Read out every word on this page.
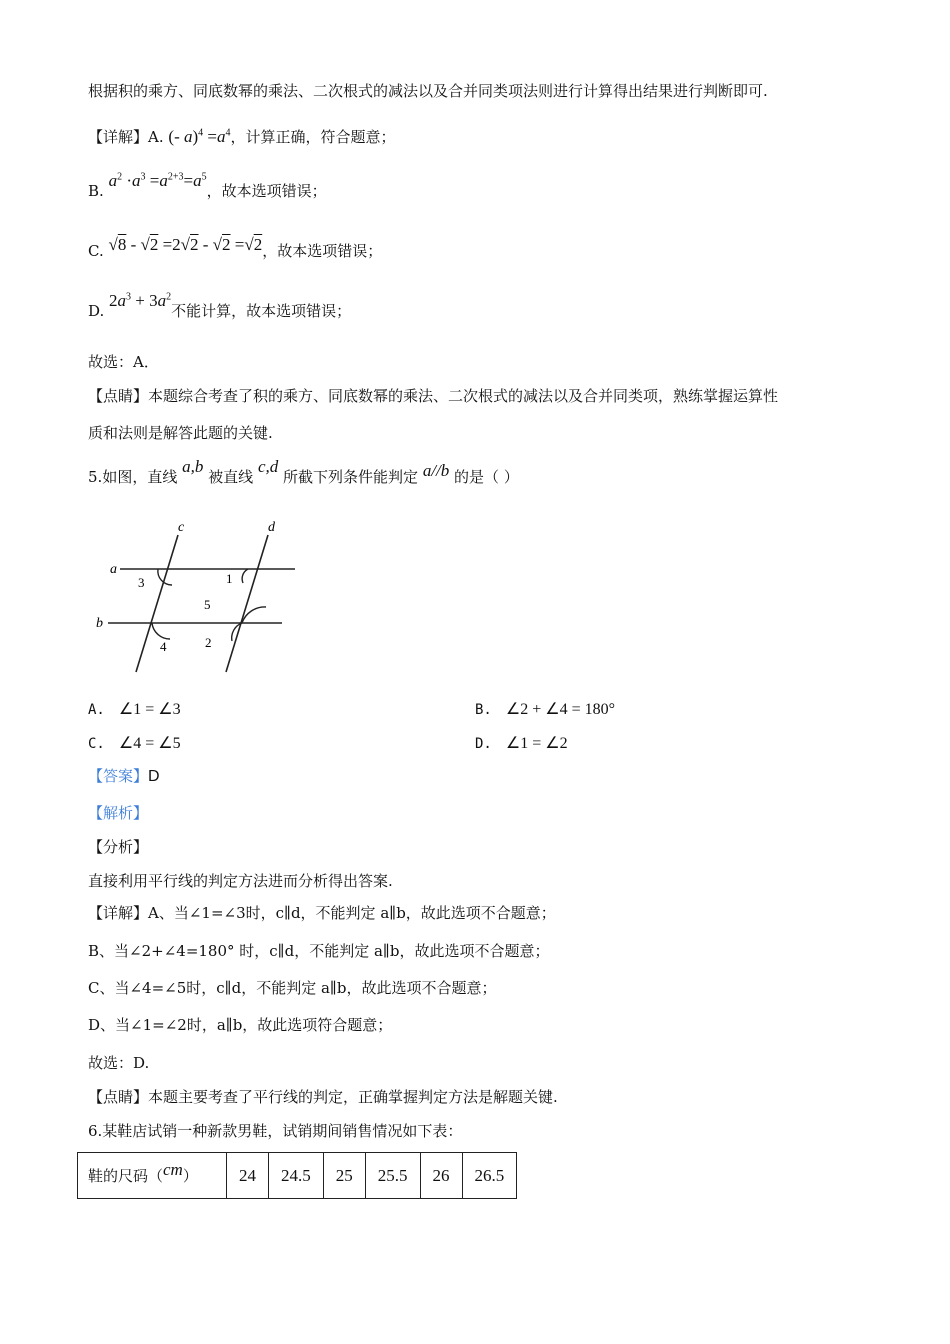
根据积的乘方、同底数幂的乘法、二次根式的减法以及合并同类项法则进行计算得出结果进行判断即可.
【详解】A. (- $a)^4 =a^4$，计算正确，符合题意；
B. $a^2 \cdot a^3 =a^{2+3}=a^5$，故本选项错误；
C. √8 - √2 =2√2 - √2 =√2，故本选项错误；
D. $2a^3 + 3a^2$不能计算，故本选项错误；
故选：A．
【点睛】本题综合考查了积的乘方、同底数幂的乘法、二次根式的减法以及合并同类项，熟练掌握运算性
质和法则是解答此题的关键.
5.如图，直线 a,b 被直线 c,d 所截下列条件能判定 a//b 的是（ ）
c	d
a
b
3	1
5
4	2
A. ∠1 = ∠3	B. ∠2 + ∠4 = 180°
C. ∠4 = ∠5	D. ∠1 = ∠2
【答案】D
【解析】
【分析】
直接利用平行线的判定方法进而分析得出答案.
【详解】A、当∠1=∠3时，c∥d，不能判定 a∥b，故此选项不合题意；
B、当∠2+∠4=180° 时，c∥d，不能判定 a∥b，故此选项不合题意；
C、当∠4=∠5时，c∥d，不能判定 a∥b，故此选项不合题意；
D、当∠1=∠2时，a∥b，故此选项符合题意；
故选：D.
【点睛】本题主要考查了平行线的判定，正确掌握判定方法是解题关键.
6.某鞋店试销一种新款男鞋，试销期间销售情况如下表：
鞋的尺码（cm）	24	24.5	25	25.5	26	26.5
